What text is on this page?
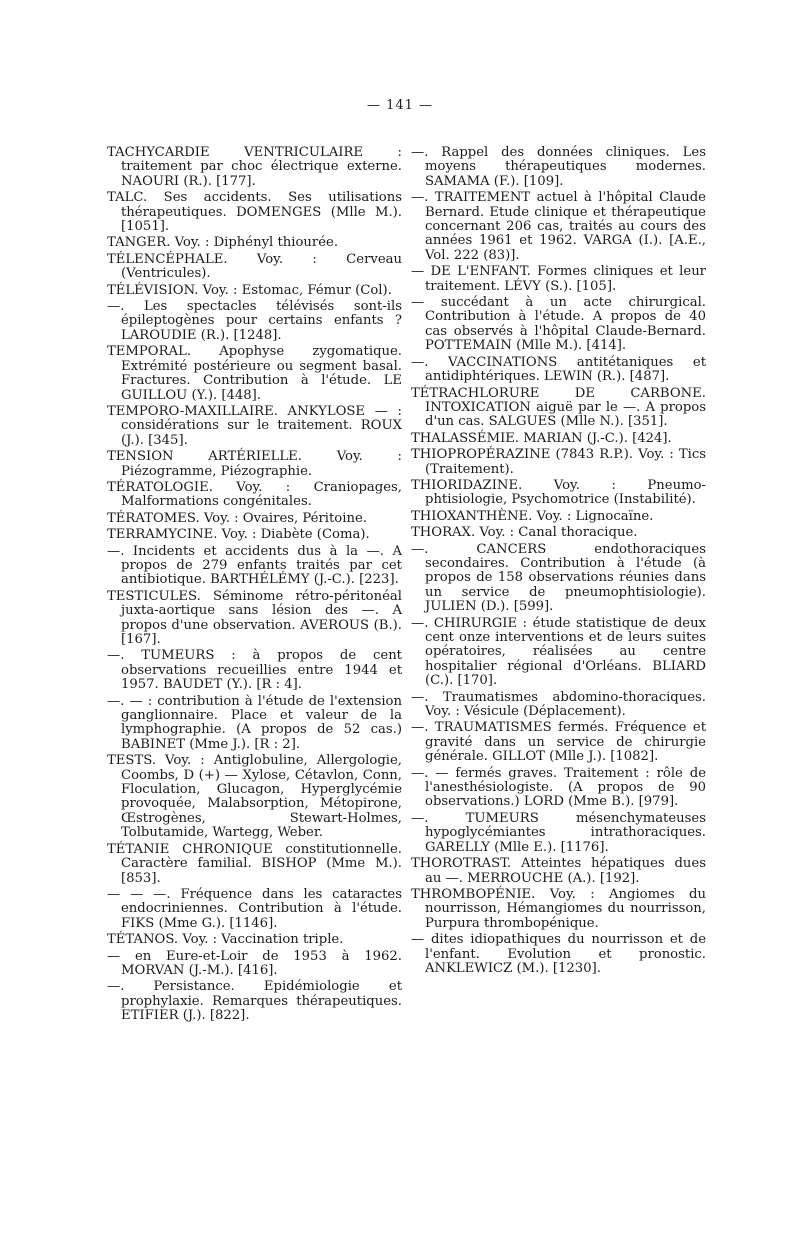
— 141 —

TACHYCARDIE VENTRICULAIRE : traitement par choc électrique externe. NAOURI (R.). [177].

TALC. Ses accidents. Ses utilisations thérapeutiques. DOMENGES (Mlle M.). [1051].

TANGER. Voy. : Diphényl thiourée.

TÉLENCÉPHALE. Voy. : Cerveau (Ventricules).

TÉLÉVISION. Voy. : Estomac, Fémur (Col).

—. Les spectacles télévisés sont-ils épileptogènes pour certains enfants ? LAROUDIE (R.). [1248].

TEMPORAL. Apophyse zygomatique. Extrémité postérieure ou segment basal. Fractures. Contribution à l'étude. LE GUILLOU (Y.). [448].

TEMPORO-MAXILLAIRE. ANKYLOSE — : considérations sur le traitement. ROUX (J.). [345].

TENSION ARTÉRIELLE. Voy. : Piézogramme, Piézographie.

TÉRATOLOGIE. Voy. : Craniopages, Malformations congénitales.

TÉRATOMES. Voy. : Ovaires, Péritoine.

TERRAMYCINE. Voy. : Diabète (Coma).

—. Incidents et accidents dus à la —. A propos de 279 enfants traités par cet antibiotique. BARTHÉLÉMY (J.-C.). [223].

TESTICULES. Séminome rétro-péritonéal juxta-aortique sans lésion des —. A propos d'une observation. AVEROUS (B.). [167].

—. TUMEURS : à propos de cent observations recueillies entre 1944 et 1957. BAUDET (Y.). [R : 4].

—. — : contribution à l'étude de l'extension ganglionnaire. Place et valeur de la lymphographie. (A propos de 52 cas.) BABINET (Mme J.). [R : 2].

TESTS. Voy. : Antiglobuline, Allergologie, Coombs, D (+) — Xylose, Cétavlon, Conn, Floculation, Glucagon, Hyperglycémie provoquée, Malabsorption, Métopirone, Œstrogènes, Stewart-Holmes, Tolbutamide, Wartegg, Weber.

TÉTANIE CHRONIQUE constitutionnelle. Caractère familial. BISHOP (Mme M.). [853].

— — —. Fréquence dans les cataractes endocriniennes. Contribution à l'étude. FIKS (Mme G.). [1146].

TÉTANOS. Voy. : Vaccination triple.

— en Eure-et-Loir de 1953 à 1962. MORVAN (J.-M.). [416].

—. Persistance. Epidémiologie et prophylaxie. Remarques thérapeutiques. ETIFIER (J.). [822].

—. Rappel des données cliniques. Les moyens thérapeutiques modernes. SAMAMA (F.). [109].

—. TRAITEMENT actuel à l'hôpital Claude Bernard. Etude clinique et thérapeutique concernant 206 cas, traités au cours des années 1961 et 1962. VARGA (I.). [A.E., Vol. 222 (83)].

— DE L'ENFANT. Formes cliniques et leur traitement. LÉVY (S.). [105].

— succédant à un acte chirurgical. Contribution à l'étude. A propos de 40 cas observés à l'hôpital Claude-Bernard. POTTEMAIN (Mlle M.). [414].

—. VACCINATIONS antitétaniques et antidiphtériques. LEWIN (R.). [487].

TÉTRACHLORURE DE CARBONE. INTOXICATION aiguë par le —. A propos d'un cas. SALGUES (Mlle N.). [351].

THALASSÉMIE. MARIAN (J.-C.). [424].

THIOPROPÉRAZINE (7843 R.P.). Voy. : Tics (Traitement).

THIORIDAZINE. Voy. : Pneumo-phtisiologie, Psychomotrice (Instabilité).

THIOXANTHÈNE. Voy. : Lignocaïne.

THORAX. Voy. : Canal thoracique.

—. CANCERS endothoraciques secondaires. Contribution à l'étude (à propos de 158 observations réunies dans un service de pneumophtisiologie). JULIEN (D.). [599].

—. CHIRURGIE : étude statistique de deux cent onze interventions et de leurs suites opératoires, réalisées au centre hospitalier régional d'Orléans. BLIARD (C.). [170].

—. Traumatismes abdomino-thoraciques. Voy. : Vésicule (Déplacement).

—. TRAUMATISMES fermés. Fréquence et gravité dans un service de chirurgie générale. GILLOT (Mlle J.). [1082].

—. — fermés graves. Traitement : rôle de l'anesthésiologiste. (A propos de 90 observations.) LORD (Mme B.). [979].

—. TUMEURS mésenchymateuses hypoglycémiantes intrathoraciques. GARELLY (Mlle E.). [1176].

THOROTRAST. Atteintes hépatiques dues au —. MERROUCHE (A.). [192].

THROMBOPÉNIE. Voy. : Angiomes du nourrisson, Hémangiomes du nourrisson, Purpura thrombopénique.

— dites idiopathiques du nourrisson et de l'enfant. Evolution et pronostic. ANKLEWICZ (M.). [1230].
